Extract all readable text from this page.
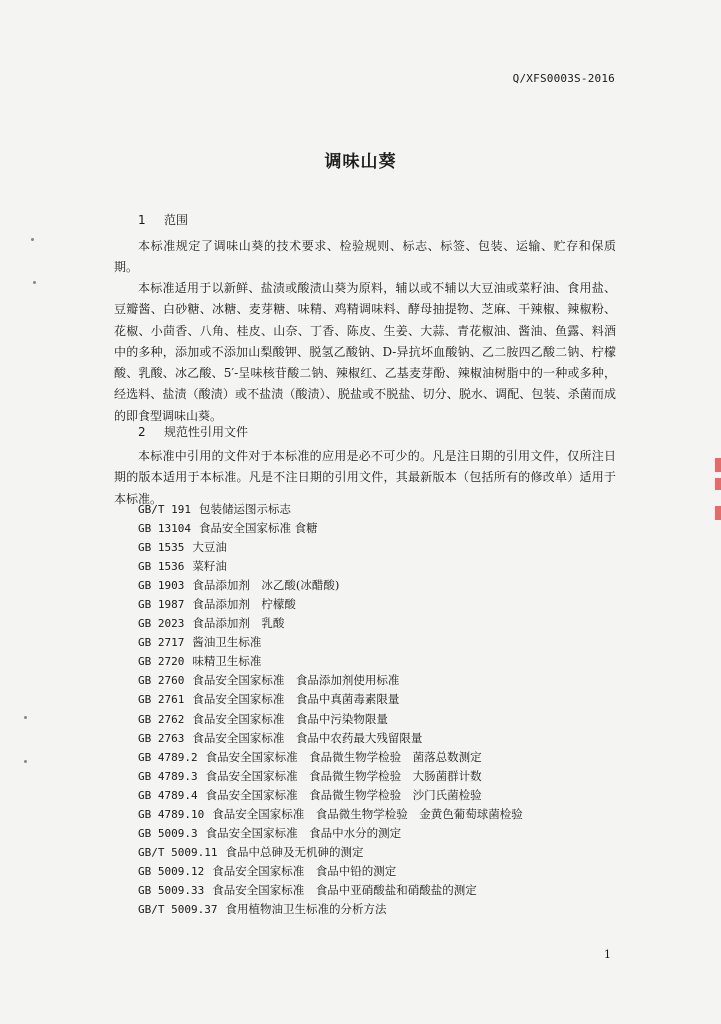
Q/XFS0003S-2016
调味山葵
1 范围

本标准规定了调味山葵的技术要求、检验规则、标志、标签、包装、运输、贮存和保质期。

本标准适用于以新鲜、盐渍或酸渍山葵为原料，辅以或不辅以大豆油或菜籽油、食用盐、豆瓣酱、白砂糖、冰糖、麦芽糖、味精、鸡精调味料、酵母抽提物、芝麻、干辣椒、辣椒粉、花椒、小茴香、八角、桂皮、山奈、丁香、陈皮、生姜、大蒜、青花椒油、酱油、鱼露、料酒中的多种，添加或不添加山梨酸钾、脱氢乙酸钠、D-异抗坏血酸钠、乙二胺四乙酸二钠、柠檬酸、乳酸、冰乙酸、5′-呈味核苷酸二钠、辣椒红、乙基麦芽酚、辣椒油树脂中的一种或多种，经选料、盐渍（酸渍）或不盐渍（酸渍）、脱盐或不脱盐、切分、脱水、调配、包装、杀菌而成的即食型调味山葵。

2 规范性引用文件

本标准中引用的文件对于本标准的应用是必不可少的。凡是注日期的引用文件，仅所注日期的版本适用于本标准。凡是不注日期的引用文件，其最新版本（包括所有的修改单）适用于本标准。

GB/T 191 包装储运图示标志
GB 13104 食品安全国家标准 食糖
GB 1535 大豆油
GB 1536 菜籽油
GB 1903 食品添加剂　冰乙酸(冰醋酸)
GB 1987 食品添加剂　柠檬酸
GB 2023 食品添加剂　乳酸
GB 2717 酱油卫生标准
GB 2720 味精卫生标准
GB 2760 食品安全国家标准　食品添加剂使用标准
GB 2761 食品安全国家标准　食品中真菌毒素限量
GB 2762 食品安全国家标准　食品中污染物限量
GB 2763 食品安全国家标准　食品中农药最大残留限量
GB 4789.2 食品安全国家标准　食品微生物学检验　菌落总数测定
GB 4789.3 食品安全国家标准　食品微生物学检验　大肠菌群计数
GB 4789.4 食品安全国家标准　食品微生物学检验　沙门氏菌检验
GB 4789.10 食品安全国家标准　食品微生物学检验　金黄色葡萄球菌检验
GB 5009.3 食品安全国家标准　食品中水分的测定
GB/T 5009.11 食品中总砷及无机砷的测定
GB 5009.12 食品安全国家标准　食品中铅的测定
GB 5009.33 食品安全国家标准　食品中亚硝酸盐和硝酸盐的测定
GB/T 5009.37 食用植物油卫生标准的分析方法
1
